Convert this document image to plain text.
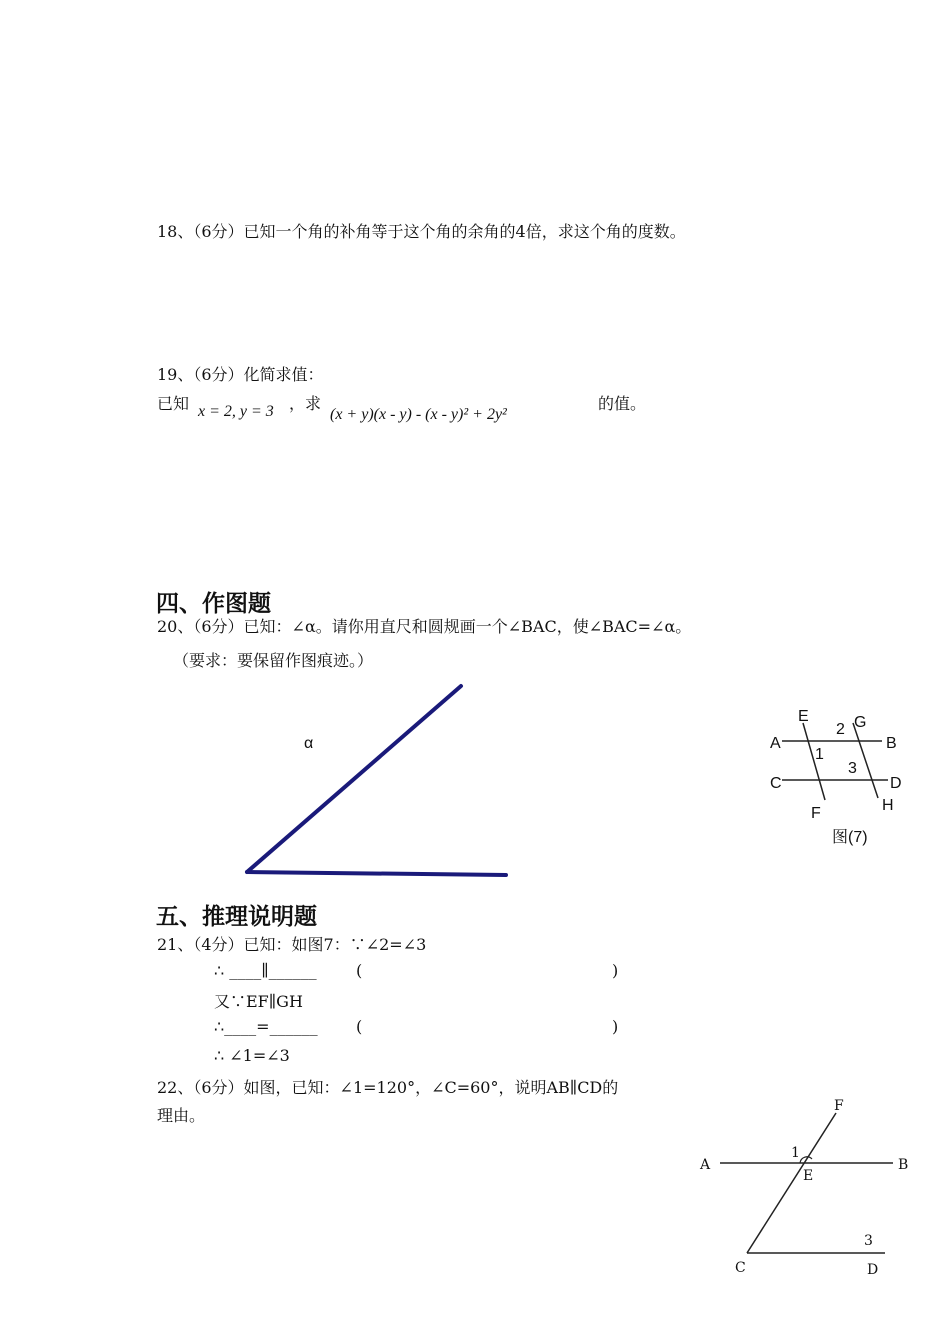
18、（6分）已知一个角的补角等于这个角的余角的4倍，求这个角的度数。
19、（6分）化简求值：
已知 x = 2, y = 3 ，求
(x + y)(x - y) - (x - y)² + 2y²
的值。
四、作图题
20、（6分）已知：∠α。请你用直尺和圆规画一个∠BAC，使∠BAC=∠α。
（要求：要保留作图痕迹。）
α	A	B
C	D
E
F
G
H
1
2
3
图(7)
五、推理说明题
21、（4分）已知：如图7：∵∠2=∠3
∴ ____∥______ (	)
又∵EF∥GH
∴____=______ (	)
∴ ∠1=∠3
22、（6分）如图，已知：∠1=120°，∠C=60°，说明AB∥CD的
理由。
A	B
C	D
E
F
1
3
